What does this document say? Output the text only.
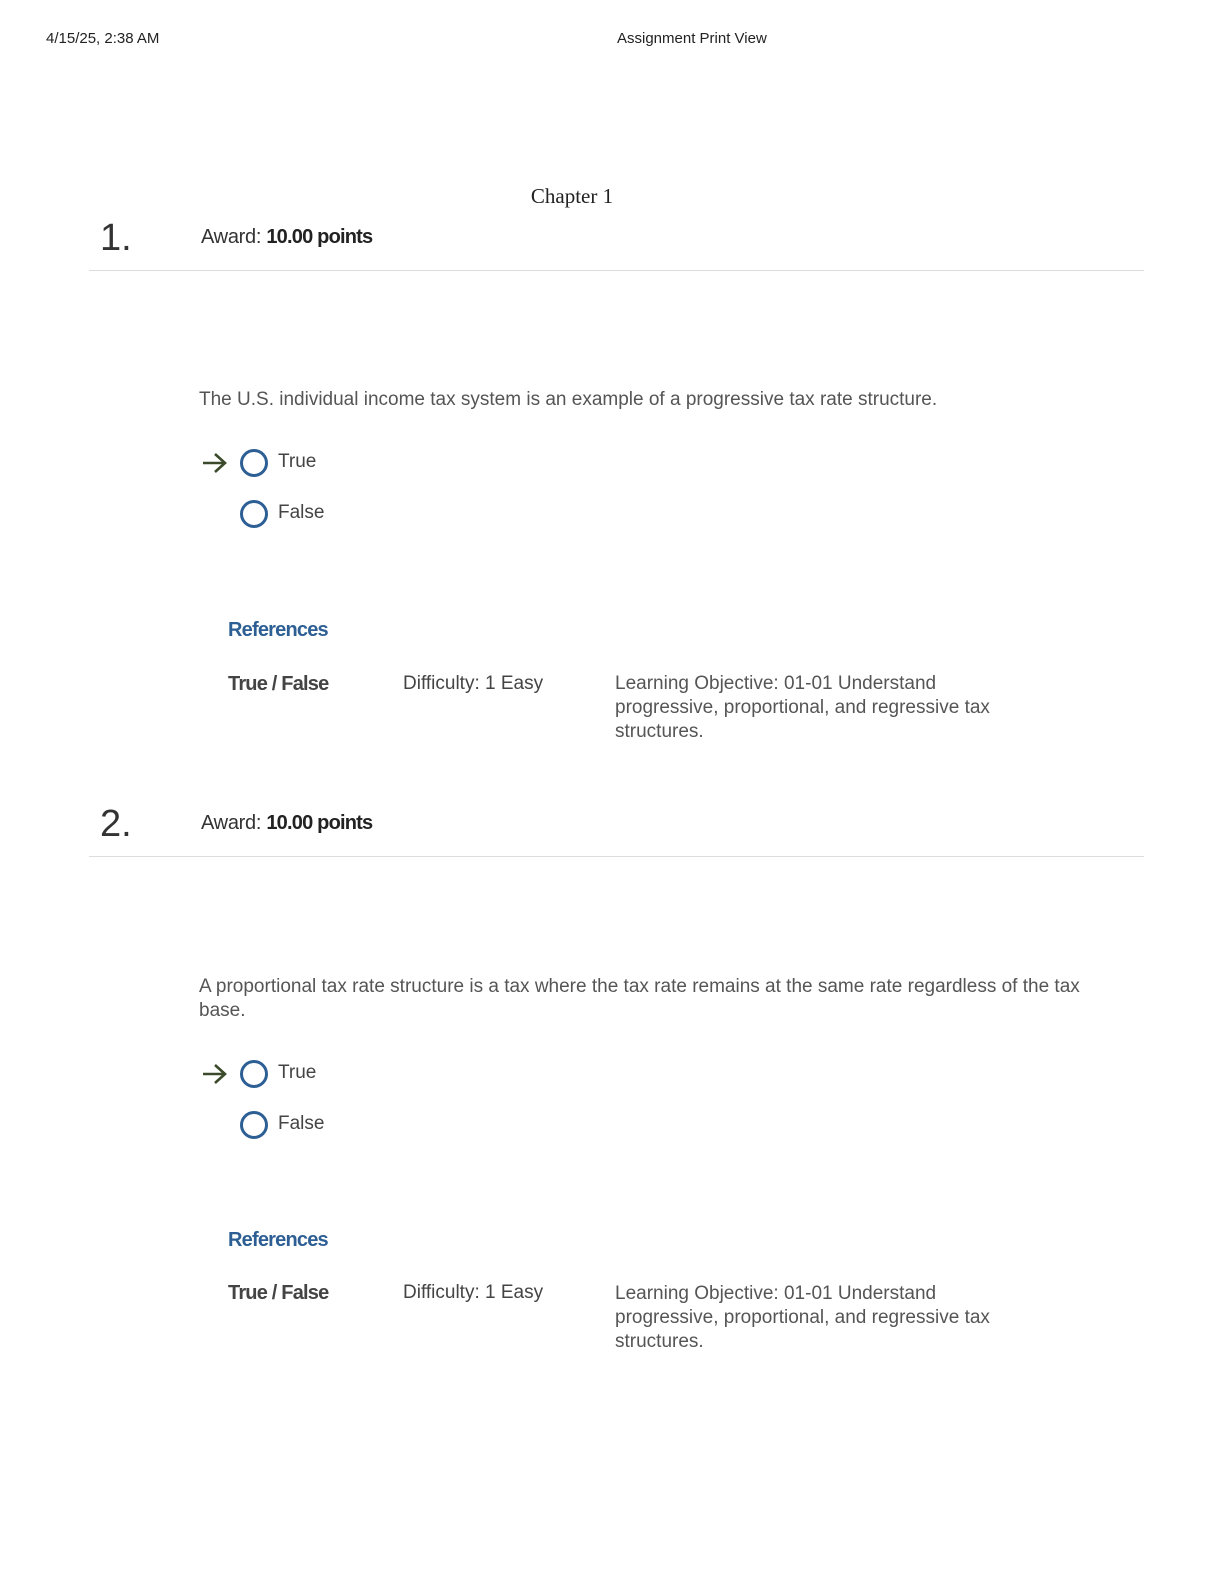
4/15/25, 2:38 AM	Assignment Print View
Chapter 1
1.	Award: 10.00 points
The U.S. individual income tax system is an example of a progressive tax rate structure.
True
False
References
True / False	Difficulty: 1 Easy	Learning Objective: 01-01 Understand progressive, proportional, and regressive tax structures.
2.	Award: 10.00 points
A proportional tax rate structure is a tax where the tax rate remains at the same rate regardless of the tax base.
True
False
References
True / False	Difficulty: 1 Easy	Learning Objective: 01-01 Understand progressive, proportional, and regressive tax structures.
